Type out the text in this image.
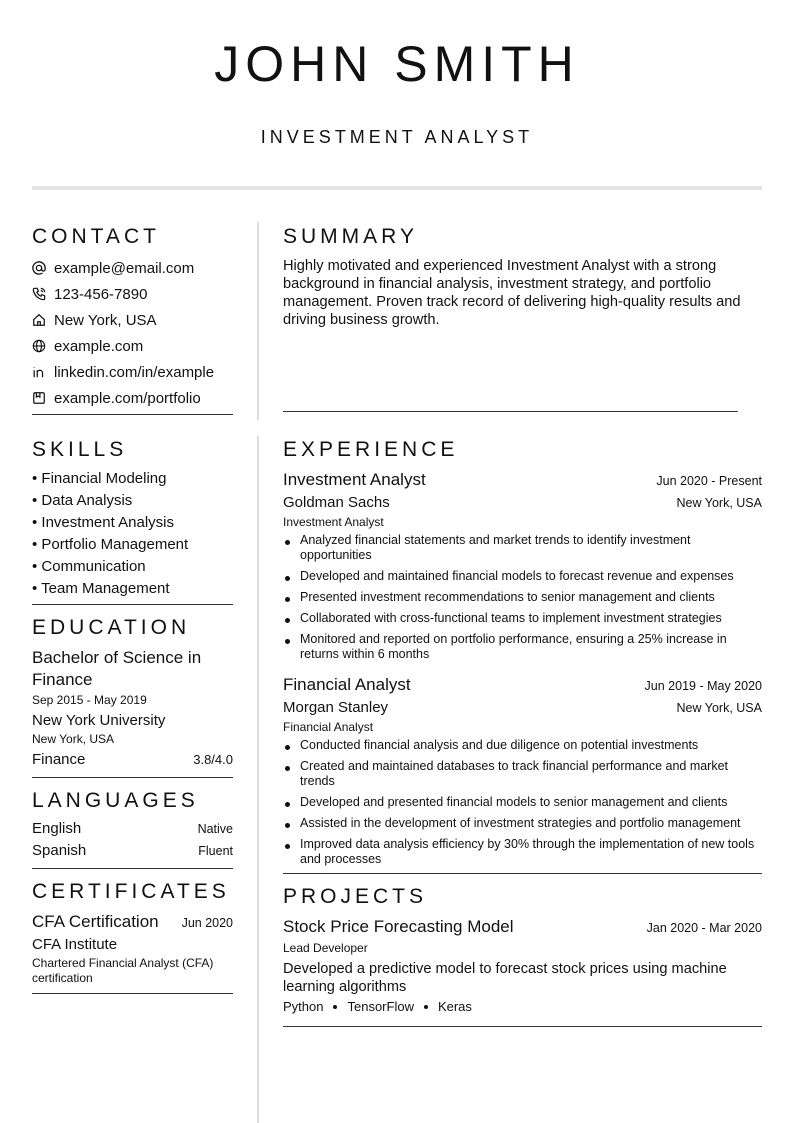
JOHN SMITH
INVESTMENT ANALYST
CONTACT
example@email.com
123-456-7890
New York, USA
example.com
linkedin.com/in/example
example.com/portfolio
SUMMARY
Highly motivated and experienced Investment Analyst with a strong background in financial analysis, investment strategy, and portfolio management. Proven track record of delivering high-quality results and driving business growth.
SKILLS
• Financial Modeling
• Data Analysis
• Investment Analysis
• Portfolio Management
• Communication
• Team Management
EDUCATION
Bachelor of Science in Finance
Sep 2015 - May 2019
New York University
New York, USA
Finance	3.8/4.0
LANGUAGES
English	Native
Spanish	Fluent
CERTIFICATES
CFA Certification Jun 2020
CFA Institute
Chartered Financial Analyst (CFA) certification
EXPERIENCE
Investment Analyst	Jun 2020 - Present
Goldman Sachs	New York, USA
Investment Analyst
Analyzed financial statements and market trends to identify investment opportunities
Developed and maintained financial models to forecast revenue and expenses
Presented investment recommendations to senior management and clients
Collaborated with cross-functional teams to implement investment strategies
Monitored and reported on portfolio performance, ensuring a 25% increase in returns within 6 months
Financial Analyst	Jun 2019 - May 2020
Morgan Stanley	New York, USA
Financial Analyst
Conducted financial analysis and due diligence on potential investments
Created and maintained databases to track financial performance and market trends
Developed and presented financial models to senior management and clients
Assisted in the development of investment strategies and portfolio management
Improved data analysis efficiency by 30% through the implementation of new tools and processes
PROJECTS
Stock Price Forecasting Model	Jan 2020 - Mar 2020
Lead Developer
Developed a predictive model to forecast stock prices using machine learning algorithms
Python TensorFlow Keras
